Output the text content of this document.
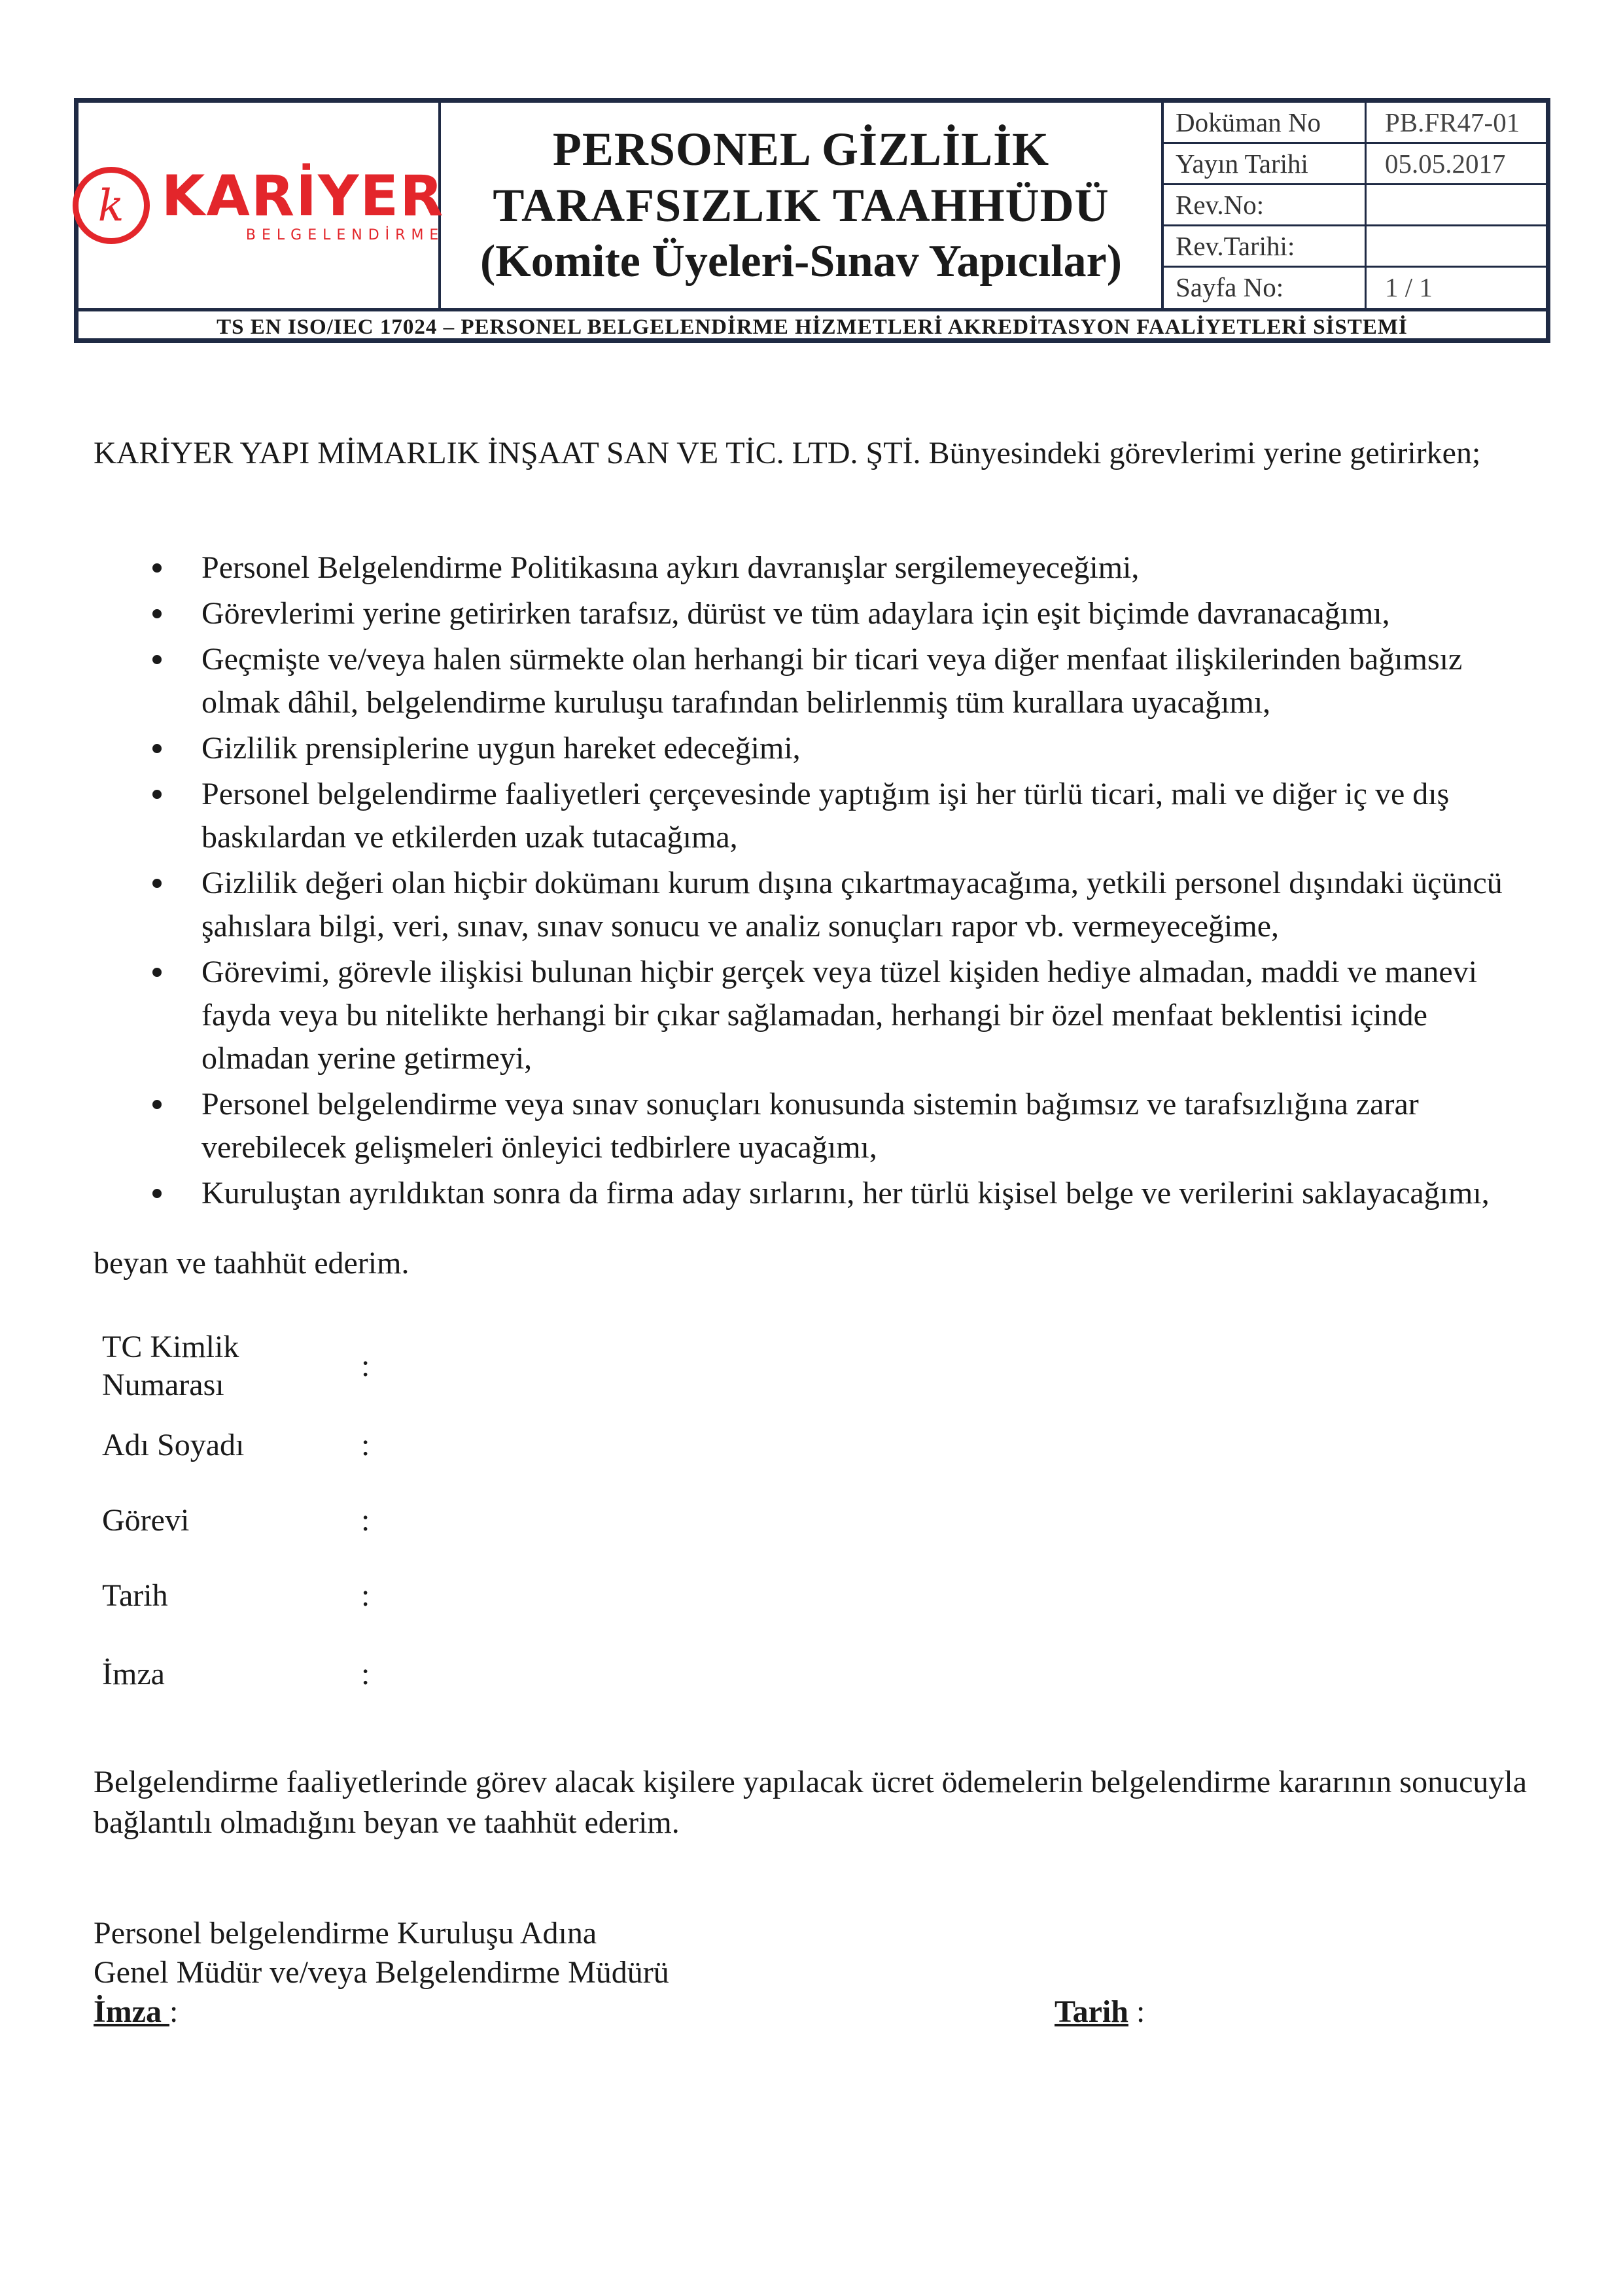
k KARİYER
BELGELENDİRME
PERSONEL GİZLİLİK
TARAFSIZLIK TAAHHÜDÜ
(Komite Üyeleri-Sınav Yapıcılar)
Doküman No	PB.FR47-01
Yayın Tarihi	05.05.2017
Rev.No:
Rev.Tarihi:
Sayfa No:	1 / 1
TS EN ISO/IEC 17024 – PERSONEL BELGELENDİRME HİZMETLERİ AKREDİTASYON FAALİYETLERİ SİSTEMİ
KARİYER YAPI MİMARLIK İNŞAAT SAN VE TİC. LTD. ŞTİ. Bünyesindeki görevlerimi yerine getirirken;
Personel Belgelendirme Politikasına aykırı davranışlar sergilemeyeceğimi,
Görevlerimi yerine getirirken tarafsız, dürüst ve tüm adaylara için eşit biçimde davranacağımı,
Geçmişte ve/veya halen sürmekte olan herhangi bir ticari veya diğer menfaat ilişkilerinden bağımsız olmak dâhil, belgelendirme kuruluşu tarafından belirlenmiş tüm kurallara uyacağımı,
Gizlilik prensiplerine uygun hareket edeceğimi,
Personel belgelendirme faaliyetleri çerçevesinde yaptığım işi her türlü ticari, mali ve diğer iç ve dış baskılardan ve etkilerden uzak tutacağıma,
Gizlilik değeri olan hiçbir dokümanı kurum dışına çıkartmayacağıma, yetkili personel dışındaki üçüncü şahıslara bilgi, veri, sınav, sınav sonucu ve analiz sonuçları rapor vb. vermeyeceğime,
Görevimi, görevle ilişkisi bulunan hiçbir gerçek veya tüzel kişiden hediye almadan, maddi ve manevi fayda veya bu nitelikte herhangi bir çıkar sağlamadan, herhangi bir özel menfaat beklentisi içinde olmadan yerine getirmeyi,
Personel belgelendirme veya sınav sonuçları konusunda sistemin bağımsız ve tarafsızlığına zarar verebilecek gelişmeleri önleyici tedbirlere uyacağımı,
Kuruluştan ayrıldıktan sonra da firma aday sırlarını, her türlü kişisel belge ve verilerini saklayacağımı,
beyan ve taahhüt ederim.
TC Kimlik Numarası
:
Adı Soyadı	:
Görevi	:
Tarih	:
İmza	:
Belgelendirme faaliyetlerinde görev alacak kişilere yapılacak ücret ödemelerin belgelendirme kararının sonucuyla bağlantılı olmadığını beyan ve taahhüt ederim.
Personel belgelendirme Kuruluşu Adına
Genel Müdür ve/veya Belgelendirme Müdürü
İmza :	Tarih :
